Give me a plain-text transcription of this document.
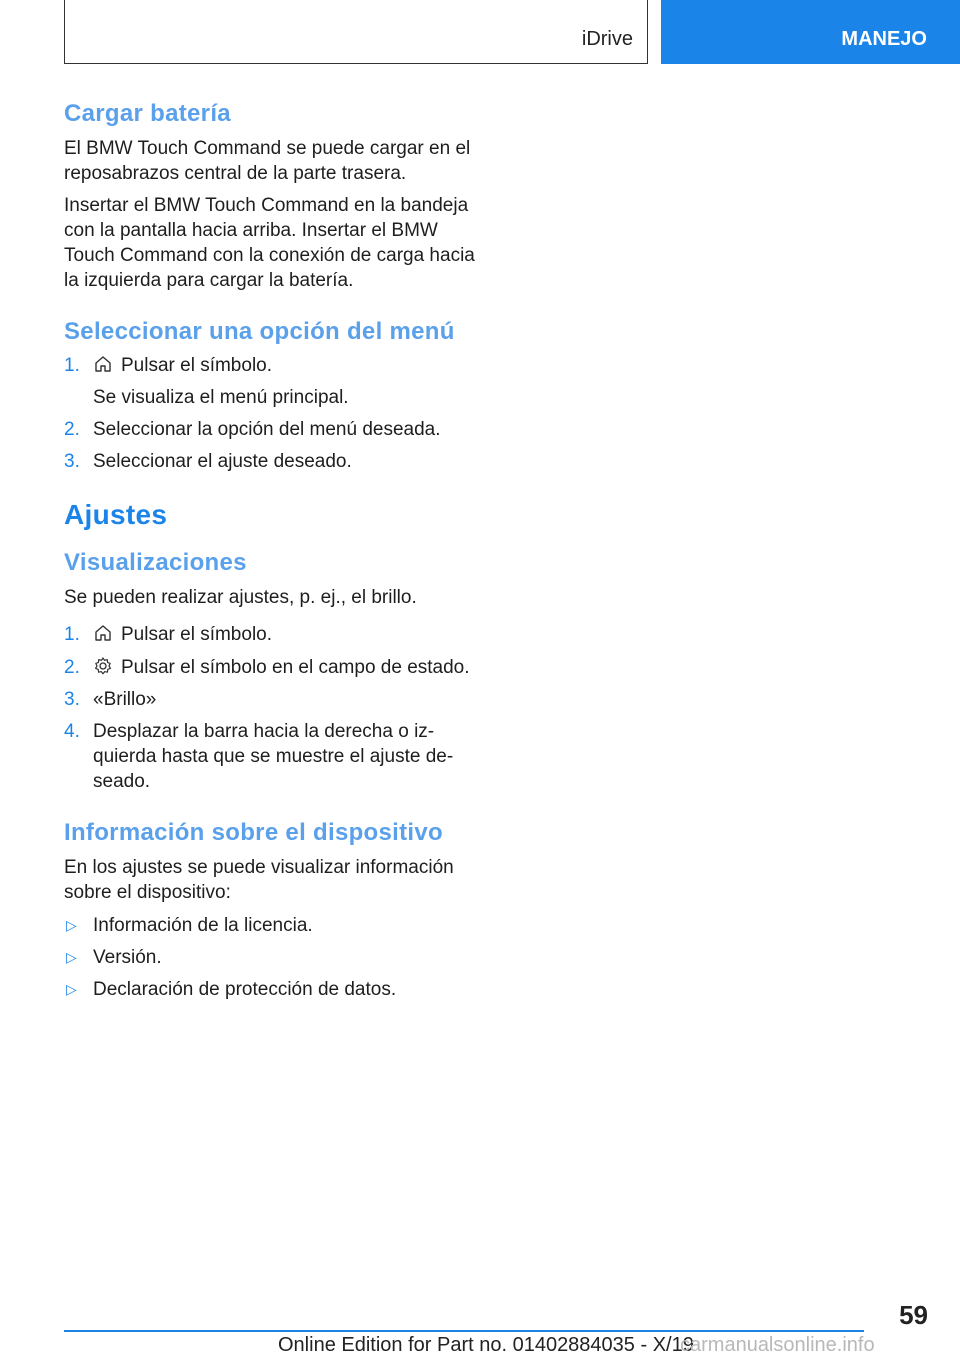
iDrive	MANEJO
Cargar batería

El BMW Touch Command se puede cargar en el reposabrazos central de la parte trasera.

Insertar el BMW Touch Command en la bandeja con la pantalla hacia arriba. Insertar el BMW Touch Command con la conexión de carga hacia la izquierda para cargar la batería.

Seleccionar una opción del menú
1. Pulsar el símbolo.
Se visualiza el menú principal.
2. Seleccionar la opción del menú deseada.
3. Seleccionar el ajuste deseado.
Ajustes
Visualizaciones

Se pueden realizar ajustes, p. ej., el brillo.

1. Pulsar el símbolo.
2. Pulsar el símbolo en el campo de estado.
3. «Brillo»
4. Desplazar la barra hacia la derecha o iz‐quierda hasta que se muestre el ajuste de‐seado.
Información sobre el dispositivo

En los ajustes se puede visualizar información sobre el dispositivo:

▷ Información de la licencia.
▷ Versión.
▷ Declaración de protección de datos.
59
Online Edition for Part no. 01402884035 - X/19
carmanualsonline.info
